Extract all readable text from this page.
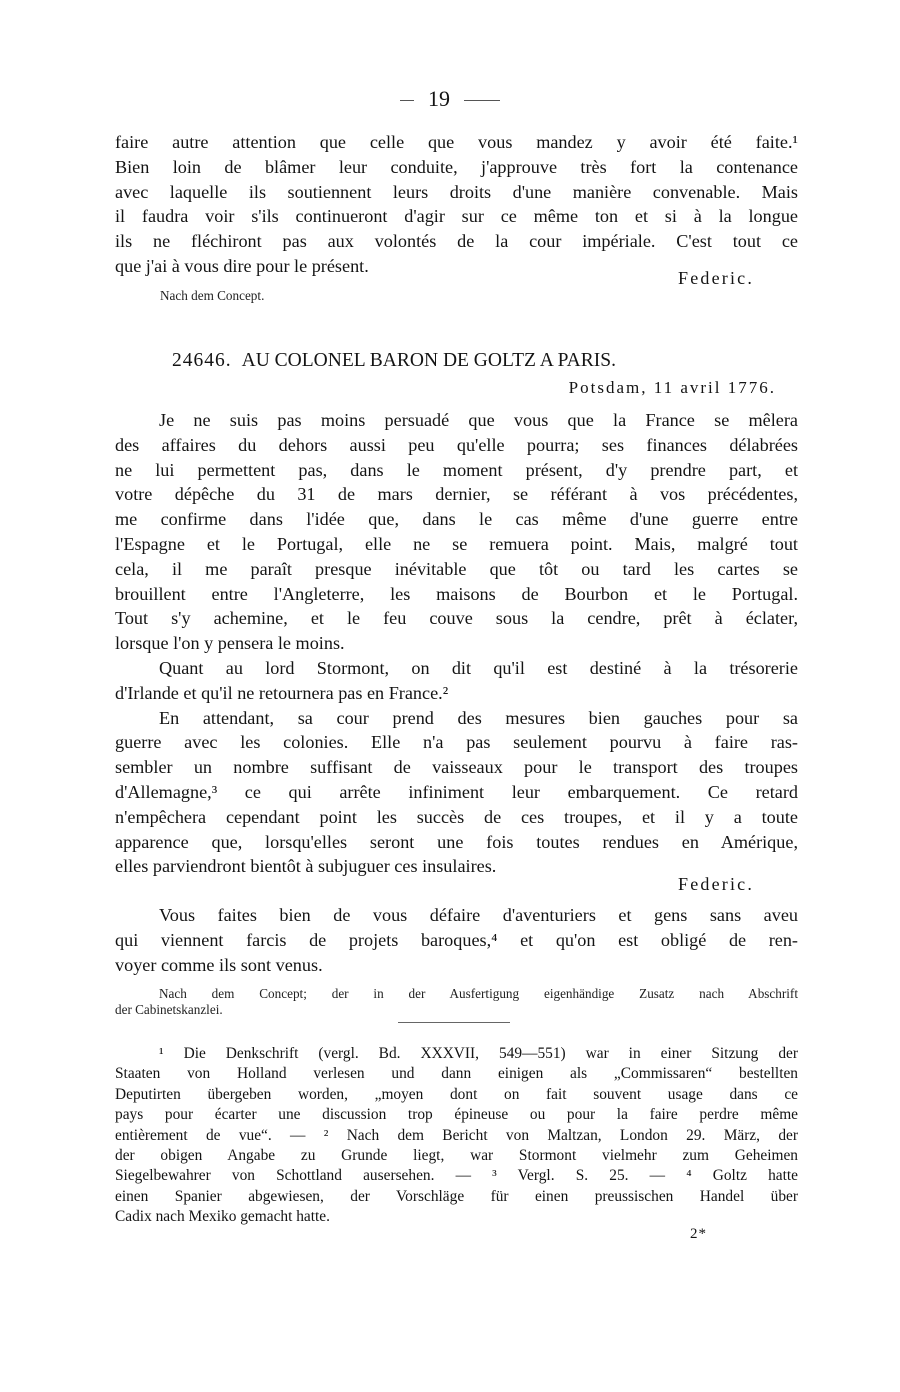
19
faire autre attention que celle que vous mandez y avoir été faite.¹
Bien loin de blâmer leur conduite, j'approuve très fort la contenance
avec laquelle ils soutiennent leurs droits d'une manière convenable. Mais
il faudra voir s'ils continueront d'agir sur ce même ton et si à la longue
ils ne fléchiront pas aux volontés de la cour impériale. C'est tout ce
que j'ai à vous dire pour le présent.
Federic.
Nach dem Concept.
24646. AU COLONEL BARON DE GOLTZ A PARIS.
Potsdam, 11 avril 1776.
Je ne suis pas moins persuadé que vous que la France se mêlera
des affaires du dehors aussi peu qu'elle pourra; ses finances délabrées
ne lui permettent pas, dans le moment présent, d'y prendre part, et
votre dépêche du 31 de mars dernier, se référant à vos précédentes,
me confirme dans l'idée que, dans le cas même d'une guerre entre
l'Espagne et le Portugal, elle ne se remuera point. Mais, malgré tout
cela, il me paraît presque inévitable que tôt ou tard les cartes se
brouillent entre l'Angleterre, les maisons de Bourbon et le Portugal.
Tout s'y achemine, et le feu couve sous la cendre, prêt à éclater,
lorsque l'on y pensera le moins.
Quant au lord Stormont, on dit qu'il est destiné à la trésorerie
d'Irlande et qu'il ne retournera pas en France.²
En attendant, sa cour prend des mesures bien gauches pour sa
guerre avec les colonies. Elle n'a pas seulement pourvu à faire ras-
sembler un nombre suffisant de vaisseaux pour le transport des troupes
d'Allemagne,³ ce qui arrête infiniment leur embarquement. Ce retard
n'empêchera cependant point les succès de ces troupes, et il y a toute
apparence que, lorsqu'elles seront une fois toutes rendues en Amérique,
elles parviendront bientôt à subjuguer ces insulaires.
Federic.
Vous faites bien de vous défaire d'aventuriers et gens sans aveu
qui viennent farcis de projets baroques,⁴ et qu'on est obligé de ren-
voyer comme ils sont venus.
Nach dem Concept; der in der Ausfertigung eigenhändige Zusatz nach Abschrift
der Cabinetskanzlei.
¹ Die Denkschrift (vergl. Bd. XXXVII, 549—551) war in einer Sitzung der
Staaten von Holland verlesen und dann einigen als „Commissaren“ bestellten
Deputirten übergeben worden, „moyen dont on fait souvent usage dans ce
pays pour écarter une discussion trop épineuse ou pour la faire perdre même
entièrement de vue“. — ² Nach dem Bericht von Maltzan, London 29. März, der
der obigen Angabe zu Grunde liegt, war Stormont vielmehr zum Geheimen
Siegelbewahrer von Schottland ausersehen. — ³ Vergl. S. 25. — ⁴ Goltz hatte
einen Spanier abgewiesen, der Vorschläge für einen preussischen Handel über
Cadix nach Mexiko gemacht hatte.
2*
